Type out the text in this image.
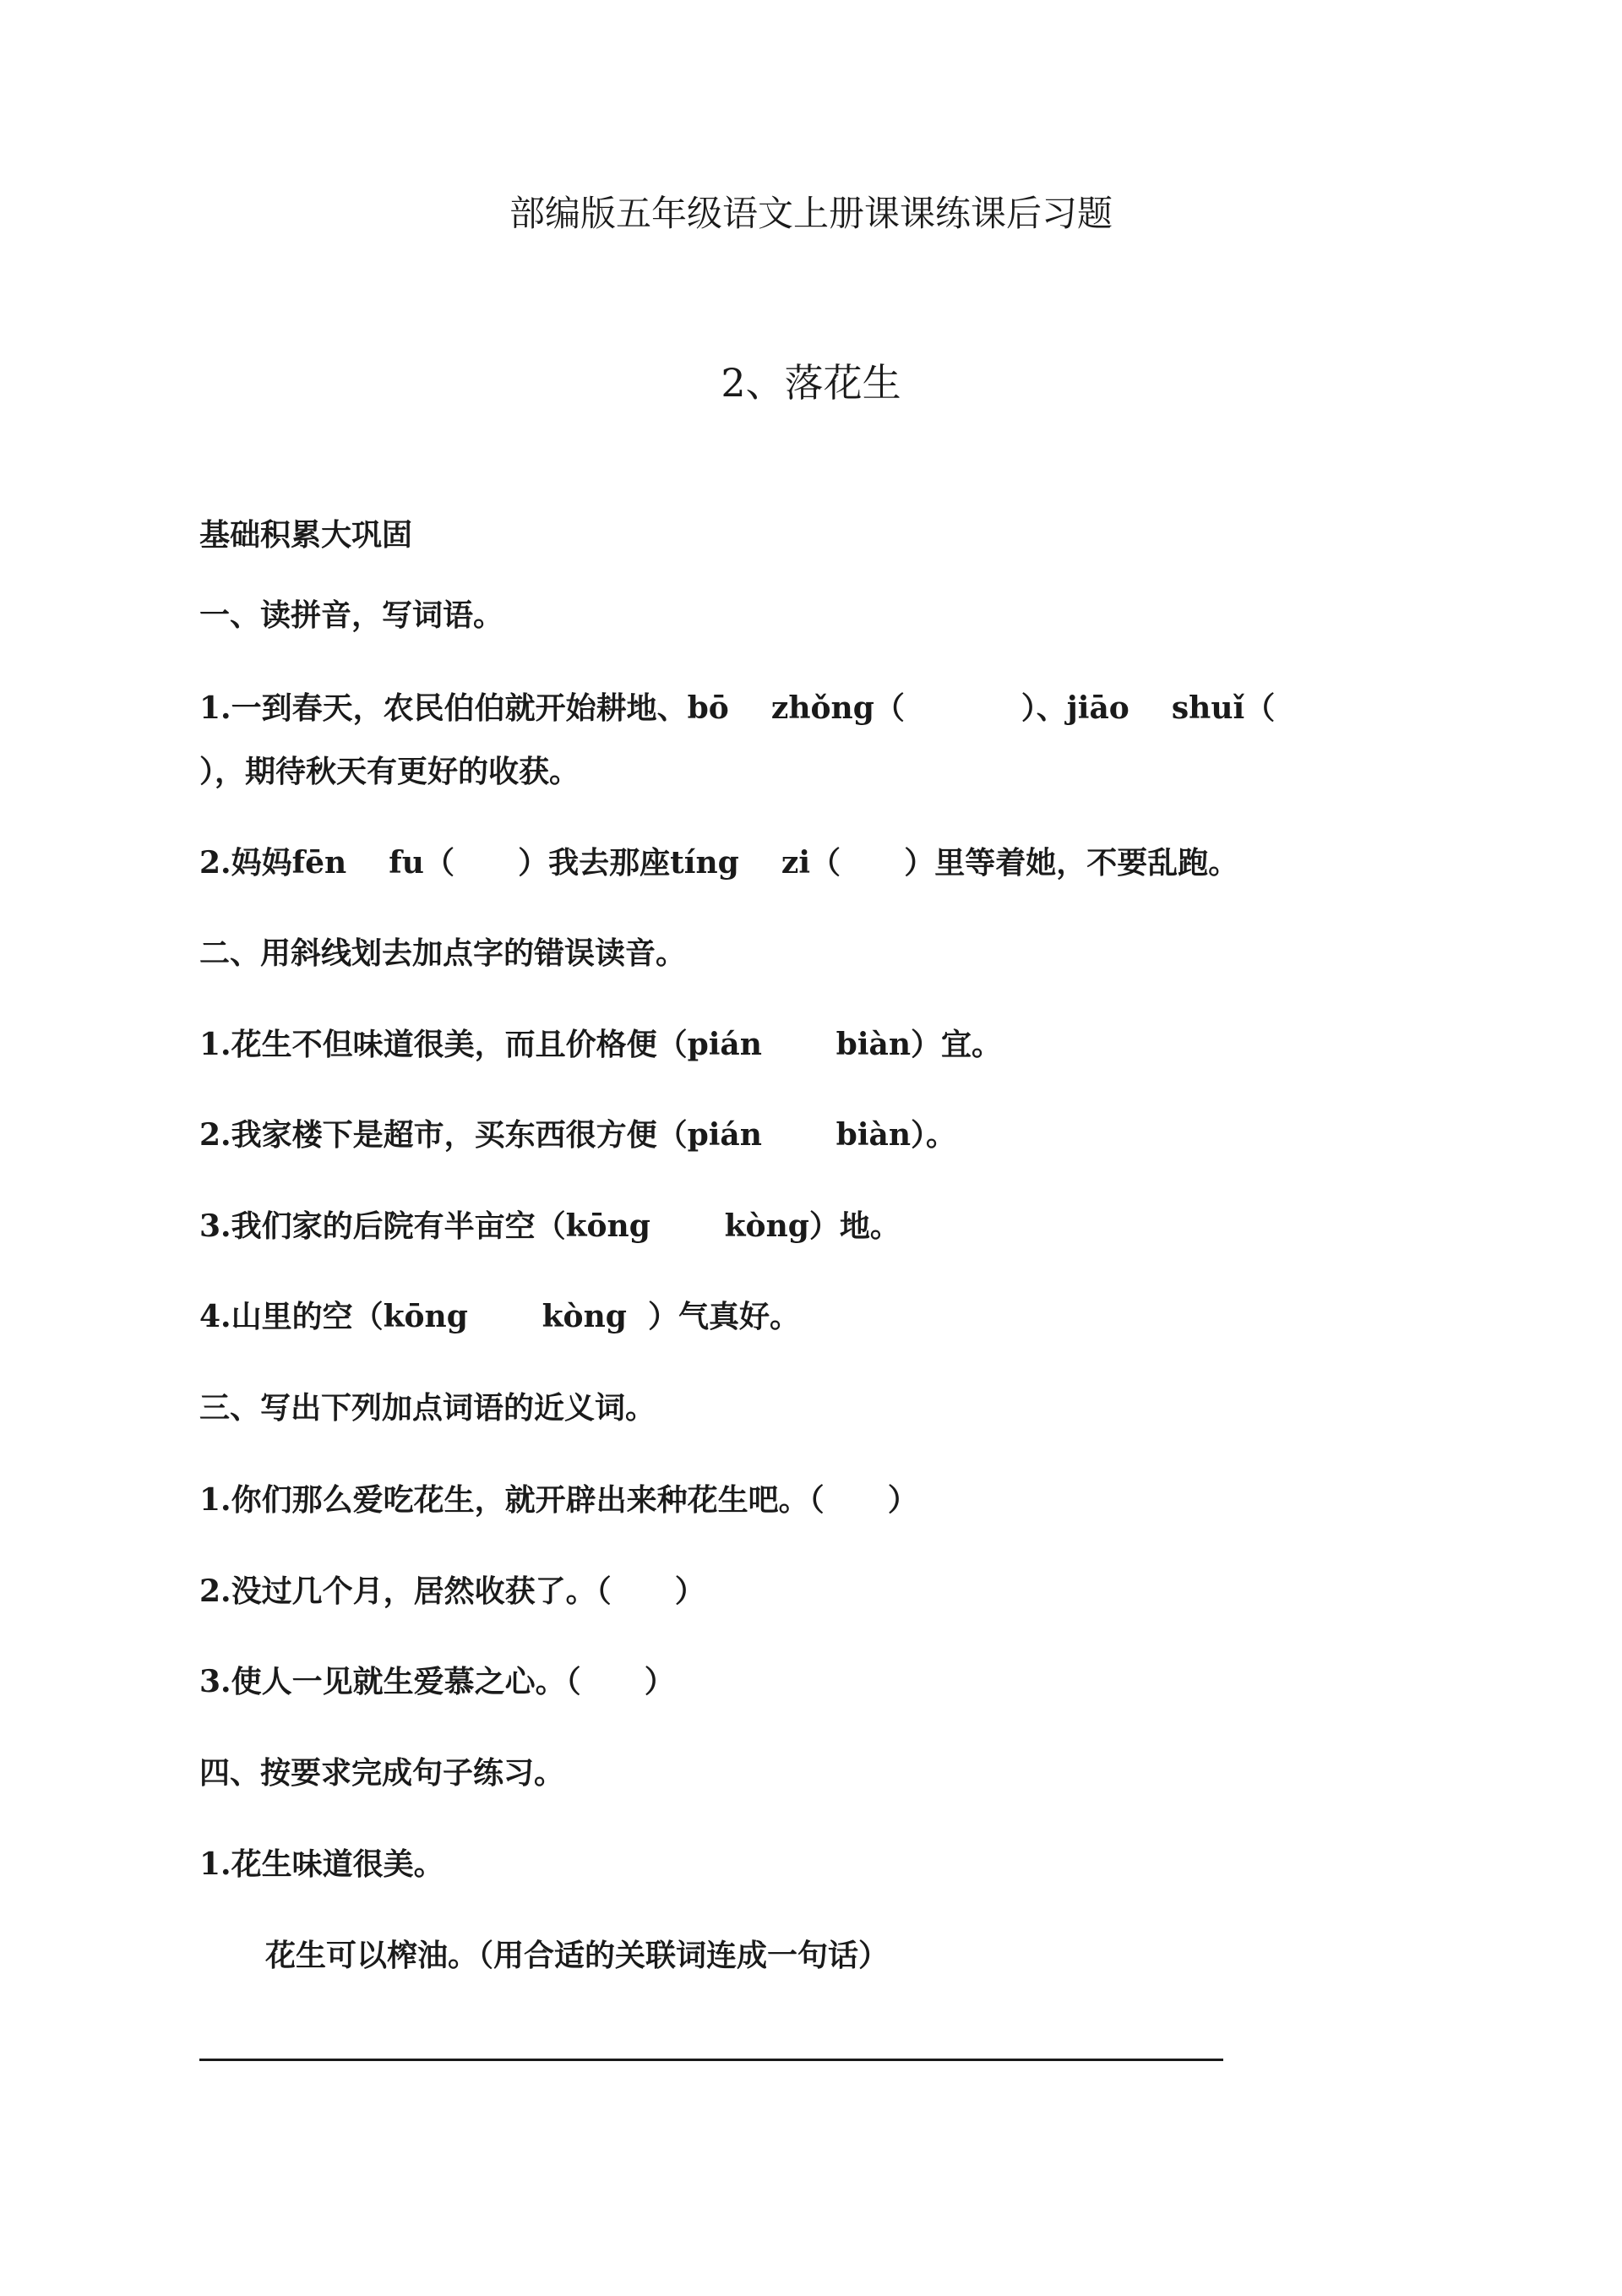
部编版五年级语文上册课课练课后习题
2、落花生
基础积累大巩固
一、读拼音，写词语。
1.一到春天，农民伯伯就开始耕地、bō    zhǒng（           ）、jiāo    shuǐ（
），期待秋天有更好的收获。
2.妈妈fēn    fu（      ）我去那座tíng    zi（      ）里等着她，不要乱跑。
二、用斜线划去加点字的错误读音。
1.花生不但味道很美，而且价格便（pián       biàn）宜。
2.我家楼下是超市，买东西很方便（pián       biàn）。
3.我们家的后院有半亩空（kōng       kòng）地。
4.山里的空（kōng       kòng  ）气真好。
三、写出下列加点词语的近义词。
1.你们那么爱吃花生，就开辟出来种花生吧。（      ）
2.没过几个月，居然收获了。（      ）
3.使人一见就生爱慕之心。（      ）
四、按要求完成句子练习。
1.花生味道很美。
花生可以榨油。（用合适的关联词连成一句话）
